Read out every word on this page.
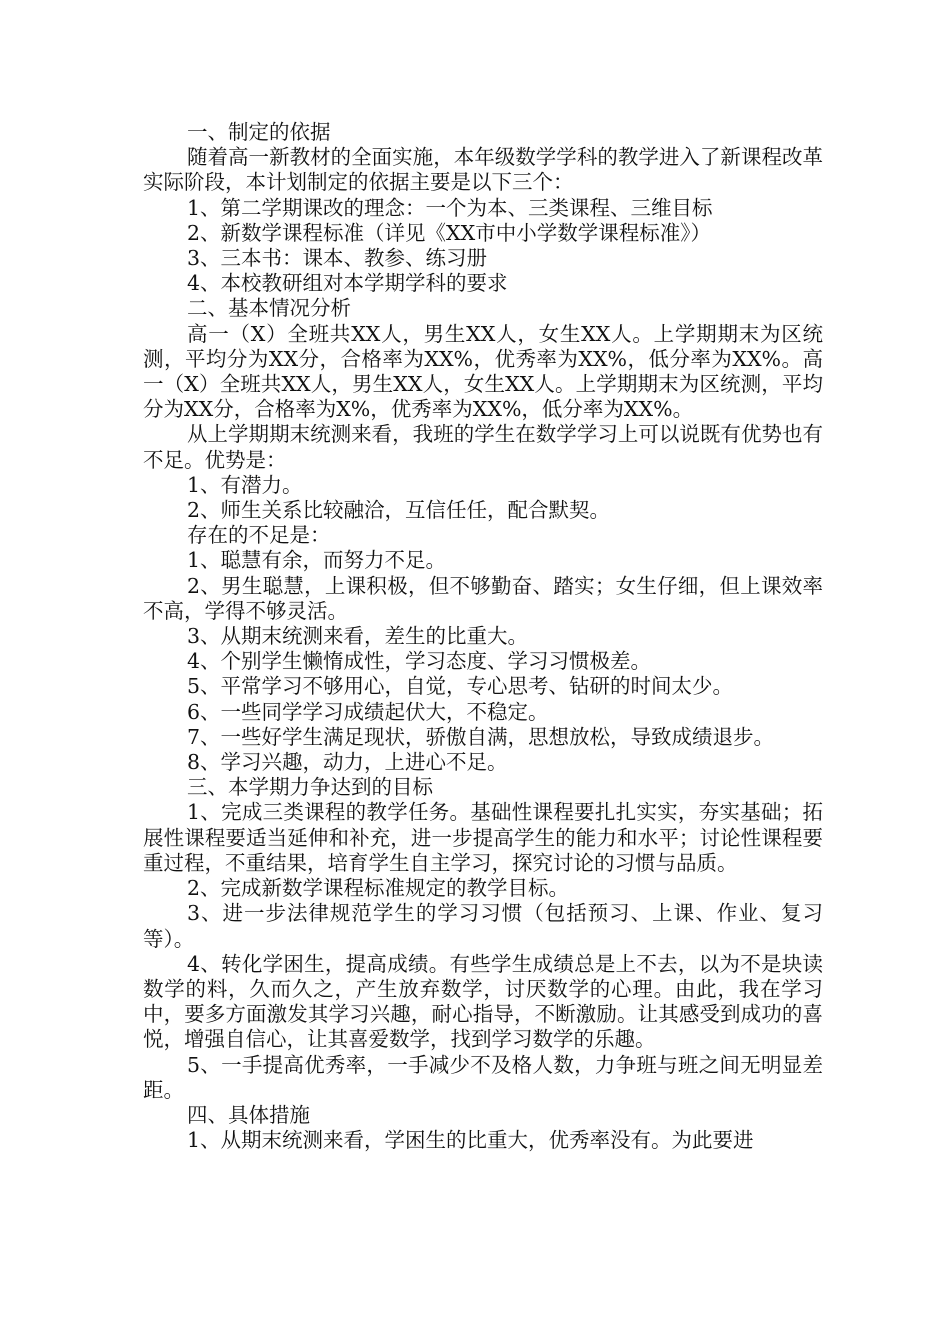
一、制定的依据

随着高一新教材的全面实施，本年级数学学科的教学进入了新课程改革实际阶段，本计划制定的依据主要是以下三个：

1、第二学期课改的理念：一个为本、三类课程、三维目标

2、新数学课程标准（详见《XX市中小学数学课程标准》）

3、三本书：课本、教参、练习册

4、本校教研组对本学期学科的要求

二、基本情况分析

高一（X）全班共XX人，男生XX人，女生XX人。上学期期末为区统测，平均分为XX分，合格率为XX%，优秀率为XX%，低分率为XX%。高一（X）全班共XX人，男生XX人，女生XX人。上学期期末为区统测，平均分为XX分，合格率为X%，优秀率为XX%，低分率为XX%。

从上学期期末统测来看，我班的学生在数学学习上可以说既有优势也有不足。优势是：

1、有潜力。

2、师生关系比较融洽，互信任任，配合默契。

存在的不足是：

1、聪慧有余，而努力不足。

2、男生聪慧，上课积极，但不够勤奋、踏实；女生仔细，但上课效率不高，学得不够灵活。

3、从期末统测来看，差生的比重大。

4、个别学生懒惰成性，学习态度、学习习惯极差。

5、平常学习不够用心，自觉，专心思考、钻研的时间太少。

6、一些同学学习成绩起伏大，不稳定。

7、一些好学生满足现状，骄傲自满，思想放松，导致成绩退步。

8、学习兴趣，动力，上进心不足。

三、本学期力争达到的目标

1、完成三类课程的教学任务。基础性课程要扎扎实实，夯实基础；拓展性课程要适当延伸和补充，进一步提高学生的能力和水平；讨论性课程要重过程，不重结果，培育学生自主学习，探究讨论的习惯与品质。

2、完成新数学课程标准规定的教学目标。

3、进一步法律规范学生的学习习惯（包括预习、上课、作业、复习等）。

4、转化学困生，提高成绩。有些学生成绩总是上不去，以为不是块读数学的料，久而久之，产生放弃数学，讨厌数学的心理。由此，我在学习中，要多方面激发其学习兴趣，耐心指导，不断激励。让其感受到成功的喜悦，增强自信心，让其喜爱数学，找到学习数学的乐趣。

5、一手提高优秀率，一手减少不及格人数，力争班与班之间无明显差距。

四、具体措施

1、从期末统测来看，学困生的比重大，优秀率没有。为此要进
